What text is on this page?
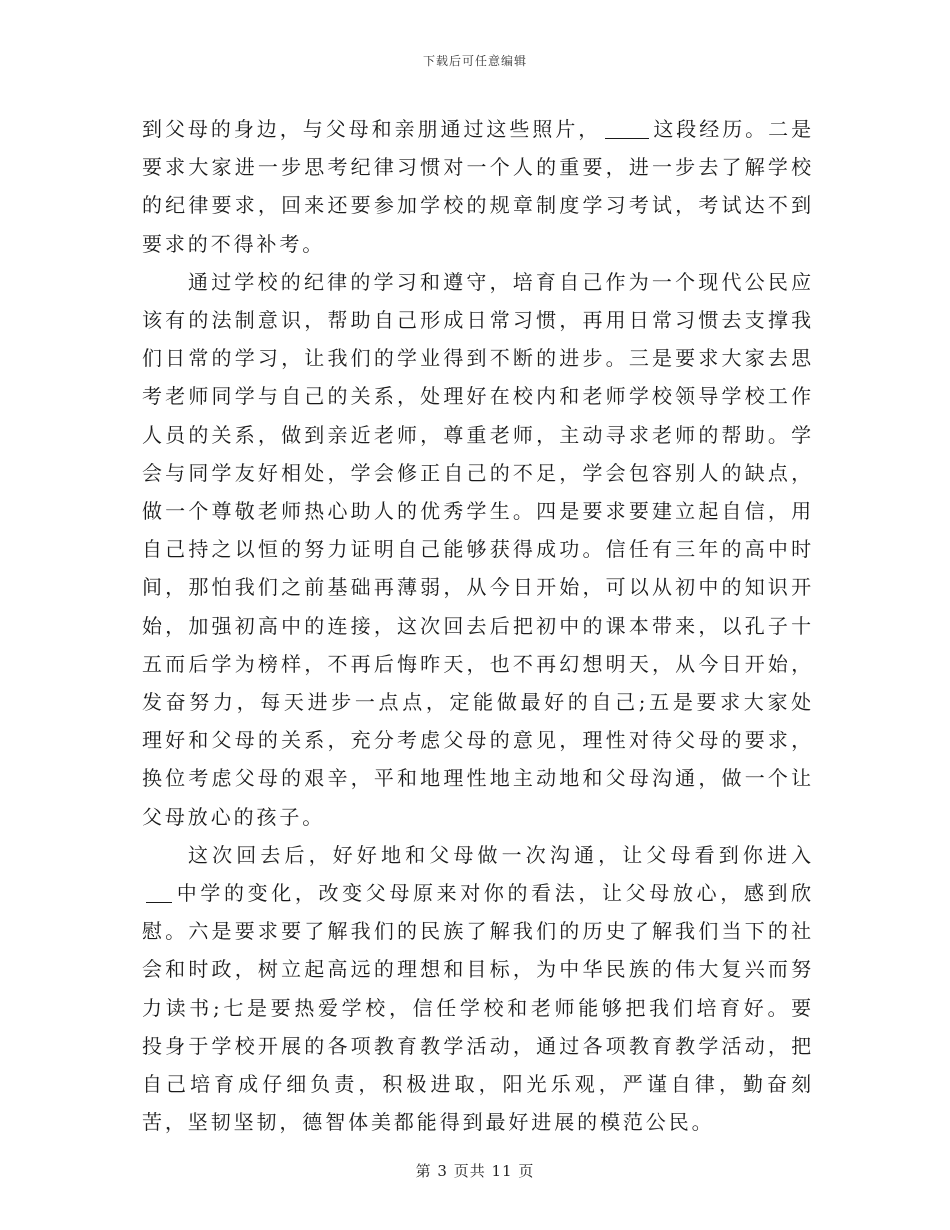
下载后可任意编辑

到父母的身边，与父母和亲朋通过这些照片，	这段经历。二是要求大家进一步思考纪律习惯对一个人的重要，进一步去了解学校的纪律要求，回来还要参加学校的规章制度学习考试，考试达不到要求的不得补考。

通过学校的纪律的学习和遵守，培育自己作为一个现代公民应该有的法制意识，帮助自己形成日常习惯，再用日常习惯去支撑我们日常的学习，让我们的学业得到不断的进步。三是要求大家去思考老师同学与自己的关系，处理好在校内和老师学校领导学校工作人员的关系，做到亲近老师，尊重老师，主动寻求老师的帮助。学会与同学友好相处，学会修正自己的不足，学会包容别人的缺点，做一个尊敬老师热心助人的优秀学生。四是要求要建立起自信，用自己持之以恒的努力证明自己能够获得成功。信任有三年的高中时间，那怕我们之前基础再薄弱，从今日开始，可以从初中的知识开始，加强初高中的连接，这次回去后把初中的课本带来，以孔子十五而后学为榜样，不再后悔昨天，也不再幻想明天，从今日开始，发奋努力，每天进步一点点，定能做最好的自己;五是要求大家处理好和父母的关系，充分考虑父母的意见，理性对待父母的要求，换位考虑父母的艰辛，平和地理性地主动地和父母沟通，做一个让父母放心的孩子。

这次回去后，好好地和父母做一次沟通，让父母看到你进入中学的变化，改变父母原来对你的看法，让父母放心，感到欣慰。六是要求要了解我们的民族了解我们的历史了解我们当下的社会和时政，树立起高远的理想和目标，为中华民族的伟大复兴而努力读书;七是要热爱学校，信任学校和老师能够把我们培育好。要投身于学校开展的各项教育教学活动，通过各项教育教学活动，把自己培育成仔细负责，积极进取，阳光乐观，严谨自律，勤奋刻苦，坚韧坚韧，德智体美都能得到最好进展的模范公民。

第 3 页共 11 页
